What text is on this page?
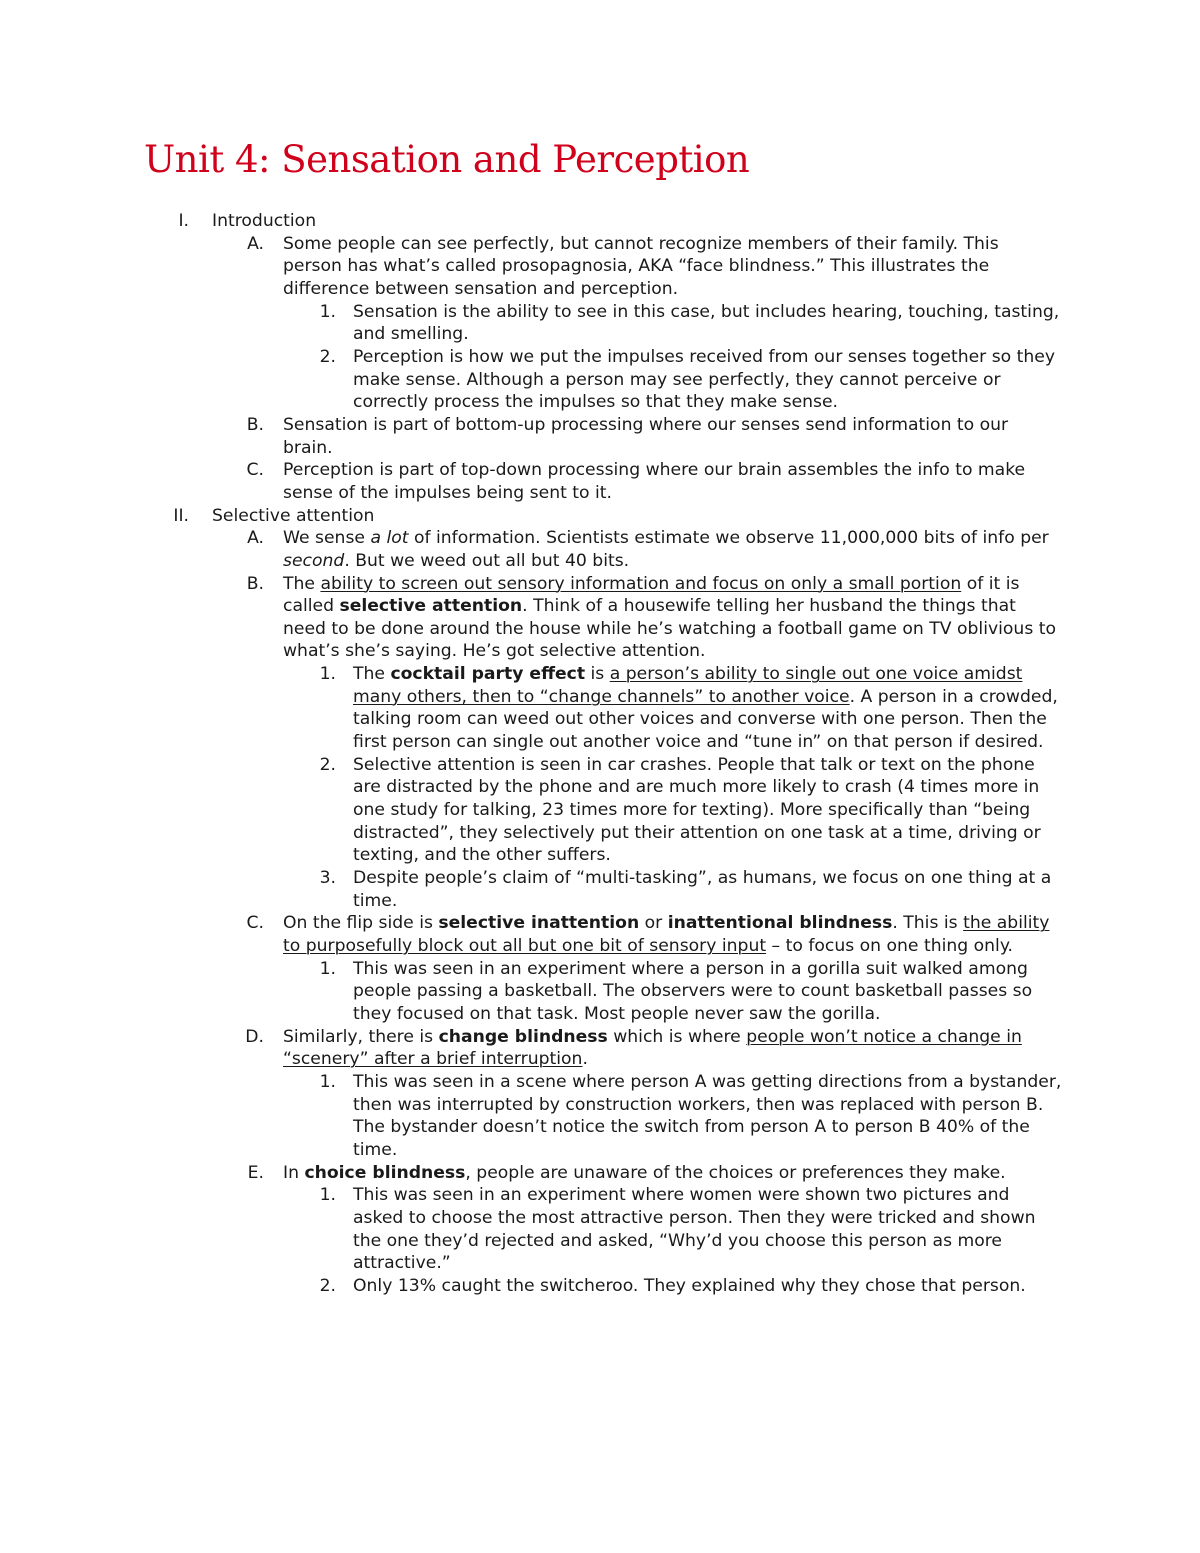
Unit 4: Sensation and Perception
I. Introduction
A. Some people can see perfectly, but cannot recognize members of their family. This person has what’s called prosopagnosia, AKA “face blindness.” This illustrates the difference between sensation and perception.
1. Sensation is the ability to see in this case, but includes hearing, touching, tasting, and smelling.
2. Perception is how we put the impulses received from our senses together so they make sense. Although a person may see perfectly, they cannot perceive or correctly process the impulses so that they make sense.
B. Sensation is part of bottom-up processing where our senses send information to our brain.
C. Perception is part of top-down processing where our brain assembles the info to make sense of the impulses being sent to it.
II. Selective attention
A. We sense a lot of information. Scientists estimate we observe 11,000,000 bits of info per second. But we weed out all but 40 bits.
B. The ability to screen out sensory information and focus on only a small portion of it is called selective attention. Think of a housewife telling her husband the things that need to be done around the house while he’s watching a football game on TV oblivious to what’s she’s saying. He’s got selective attention.
1. The cocktail party effect is a person’s ability to single out one voice amidst many others, then to “change channels” to another voice. A person in a crowded, talking room can weed out other voices and converse with one person. Then the first person can single out another voice and “tune in” on that person if desired.
2. Selective attention is seen in car crashes. People that talk or text on the phone are distracted by the phone and are much more likely to crash (4 times more in one study for talking, 23 times more for texting). More specifically than “being distracted”, they selectively put their attention on one task at a time, driving or texting, and the other suffers.
3. Despite people’s claim of “multi-tasking”, as humans, we focus on one thing at a time.
C. On the flip side is selective inattention or inattentional blindness. This is the ability to purposefully block out all but one bit of sensory input – to focus on one thing only.
1. This was seen in an experiment where a person in a gorilla suit walked among people passing a basketball. The observers were to count basketball passes so they focused on that task. Most people never saw the gorilla.
D. Similarly, there is change blindness which is where people won’t notice a change in “scenery” after a brief interruption.
1. This was seen in a scene where person A was getting directions from a bystander, then was interrupted by construction workers, then was replaced with person B. The bystander doesn’t notice the switch from person A to person B 40% of the time.
E. In choice blindness, people are unaware of the choices or preferences they make.
1. This was seen in an experiment where women were shown two pictures and asked to choose the most attractive person. Then they were tricked and shown the one they’d rejected and asked, “Why’d you choose this person as more attractive.”
2. Only 13% caught the switcheroo. They explained why they chose that person.
